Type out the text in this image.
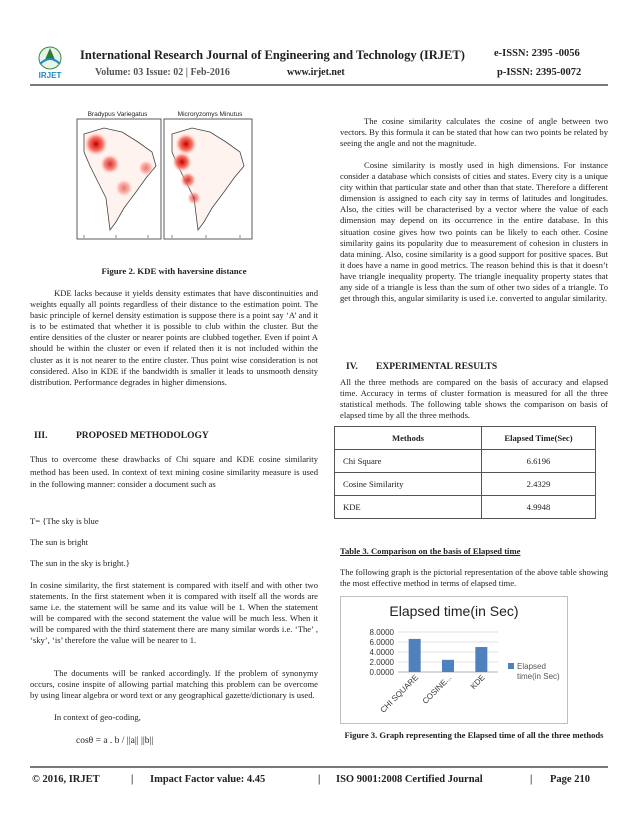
IRJET
International Research Journal of Engineering and Technology (IRJET)	e-ISSN: 2395 -0056
Volume: 03 Issue: 02 | Feb-2016	www.irjet.net	p-ISSN: 2395-0072
Bradypus Variegatus	Microryzomys Minutus
Figure 2. KDE with haversine distance
KDE lacks because it yields density estimates that have discontinuities and weights equally all points regardless of their distance to the estimation point. The basic principle of kernel density estimation is suppose there is a point say ‘A’ and it is to be estimated that whether it is possible to club within the cluster. But the entire densities of the cluster or nearer points are clubbed together. Even if point A should be within the cluster or even if related then it is not included within the cluster as it is not nearer to the entire cluster. Thus point wise consideration is not considered. Also in KDE if the bandwidth is smaller it leads to unsmooth density distribution. Performance degrades in higher dimensions.
III.	PROPOSED METHODOLOGY
Thus to overcome these drawbacks of Chi square and KDE cosine similarity method has been used. In context of text mining cosine similarity measure is used in the following manner: consider a document such as
T= {The sky is blue
The sun is bright
The sun in the sky is bright.}
In cosine similarity, the first statement is compared with itself and with other two statements. In the first statement when it is compared with itself all the words are same i.e. the statement will be same and its value will be 1. When the statement will be compared with the second statement the value will be much less. When it will be compared with the third statement there are many similar words i.e. ‘The’ , ‘sky’, ‘is’ therefore the value will be nearer to 1.
The documents will be ranked accordingly. If the problem of synonymy occurs, cosine inspite of allowing partial matching this problem can be overcome by using linear algebra or word text or any geographical gazette/dictionary is used.
In context of geo-coding,
cosθ = a . b / ||a|| ||b||
The cosine similarity calculates the cosine of angle between two vectors. By this formula it can be stated that how can two points be related by seeing the angle and not the magnitude.
Cosine similarity is mostly used in high dimensions. For instance consider a database which consists of cities and states. Every city is a unique city within that particular state and other than that state. Therefore a different dimension is assigned to each city say in terms of latitudes and longitudes. Also, the cities will be characterised by a vector where the value of each dimension may depend on its occurrence in the entire database. In this situation cosine gives how two points can be likely to each other. Cosine similarity gains its popularity due to measurement of cohesion in clusters in data mining. Also, cosine similarity is a good support for positive spaces. But it does have a name in good metrics. The reason behind this is that it doesn’t have triangle inequality property. The triangle inequality property states that any side of a triangle is less than the sum of other two sides of a triangle. To get through this, angular similarity is used i.e. converted to angular similarity.
IV. EXPERIMENTAL RESULTS
All the three methods are compared on the basis of accuracy and elapsed time. Accuracy in terms of cluster formation is measured for all the three statistical methods. The following table shows the comparison on basis of elapsed time by all the three methods.
Methods	Elapsed Time(Sec)
Chi Square	6.6196
Cosine Similarity	2.4329
KDE	4.9948
Table 3. Comparison on the basis of Elapsed time
The following graph is the pictorial representation of the above table showing the most effective method in terms of elapsed time.
Elapsed time(in Sec)
0.0000
2.0000
4.0000
6.0000
8.0000
CHI SQUARE COSINE... KDE
Elapsed time(in Sec)
Figure 3. Graph representing the Elapsed time of all the three methods
© 2016, IRJET	| Impact Factor value: 4.45	| ISO 9001:2008 Certified Journal	| Page 210
